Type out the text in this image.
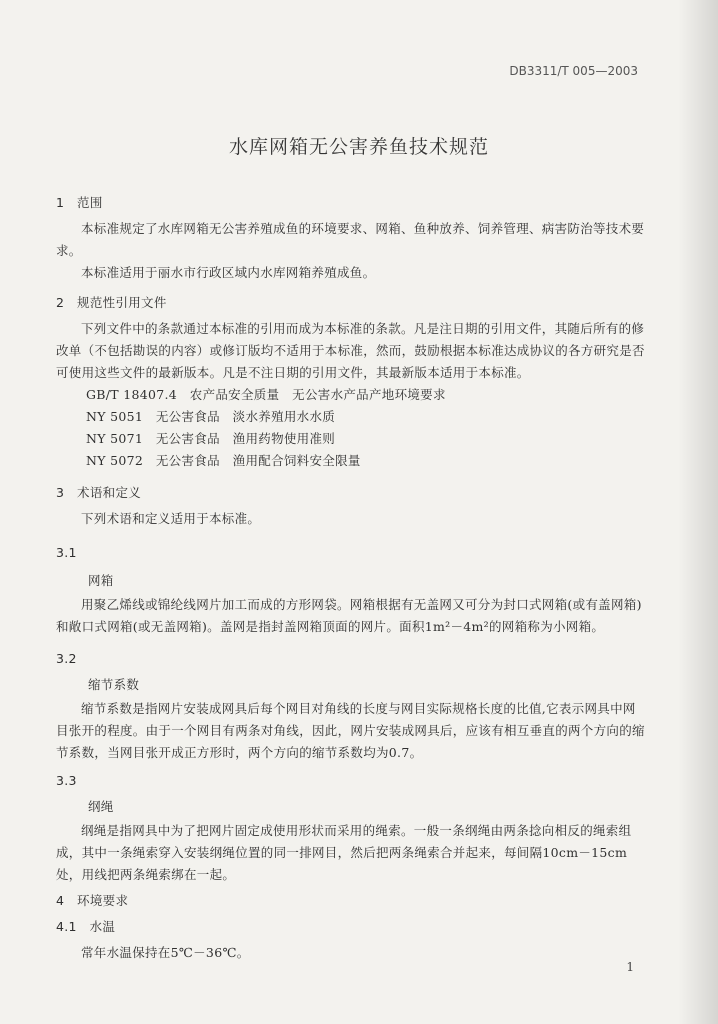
DB3311/T 005—2003
水库网箱无公害养鱼技术规范
1　范围
本标准规定了水库网箱无公害养殖成鱼的环境要求、网箱、鱼种放养、饲养管理、病害防治等技术要求。
本标准适用于丽水市行政区域内水库网箱养殖成鱼。
2　规范性引用文件
下列文件中的条款通过本标准的引用而成为本标准的条款。凡是注日期的引用文件，其随后所有的修改单（不包括勘误的内容）或修订版均不适用于本标准，然而，鼓励根据本标准达成协议的各方研究是否可使用这些文件的最新版本。凡是不注日期的引用文件，其最新版本适用于本标准。
GB/T 18407.4　农产品安全质量　无公害水产品产地环境要求
NY 5051　无公害食品　淡水养殖用水水质
NY 5071　无公害食品　渔用药物使用准则
NY 5072　无公害食品　渔用配合饲料安全限量
3　术语和定义
下列术语和定义适用于本标准。
3.1
网箱
用聚乙烯线或锦纶线网片加工而成的方形网袋。网箱根据有无盖网又可分为封口式网箱(或有盖网箱)和敞口式网箱(或无盖网箱)。盖网是指封盖网箱顶面的网片。面积1m²－4m²的网箱称为小网箱。
3.2
缩节系数
缩节系数是指网片安装成网具后每个网目对角线的长度与网目实际规格长度的比值,它表示网具中网目张开的程度。由于一个网目有两条对角线，因此，网片安装成网具后，应该有相互垂直的两个方向的缩节系数，当网目张开成正方形时，两个方向的缩节系数均为0.7。
3.3
纲绳
纲绳是指网具中为了把网片固定成使用形状而采用的绳索。一般一条纲绳由两条捻向相反的绳索组成，其中一条绳索穿入安装纲绳位置的同一排网目，然后把两条绳索合并起来，每间隔10cm－15cm处，用线把两条绳索绑在一起。
4　环境要求
4.1　水温
常年水温保持在5℃－36℃。
1
